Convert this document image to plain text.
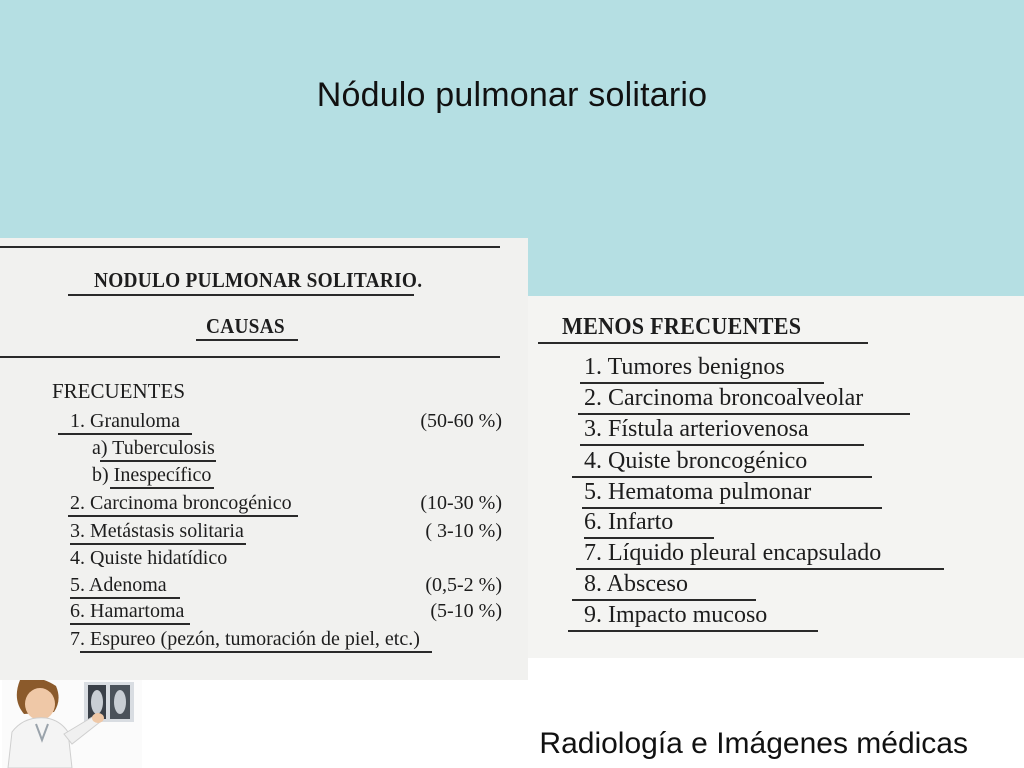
Nódulo pulmonar solitario
NODULO PULMONAR SOLITARIO.
CAUSAS
FRECUENTES
1. Granuloma	(50-60 %)
a) Tuberculosis
b) Inespecífico
2. Carcinoma broncogénico	(10-30 %)
3. Metástasis solitaria	( 3-10 %)
4. Quiste hidatídico
5. Adenoma	(0,5-2 %)
6. Hamartoma	(5-10 %)
7. Espureo (pezón, tumoración de piel, etc.)
MENOS FRECUENTES
1. Tumores benignos
2. Carcinoma broncoalveolar
3. Fístula arteriovenosa
4. Quiste broncogénico
5. Hematoma pulmonar
6. Infarto
7. Líquido pleural encapsulado
8. Absceso
9. Impacto mucoso
Radiología e Imágenes médicas
